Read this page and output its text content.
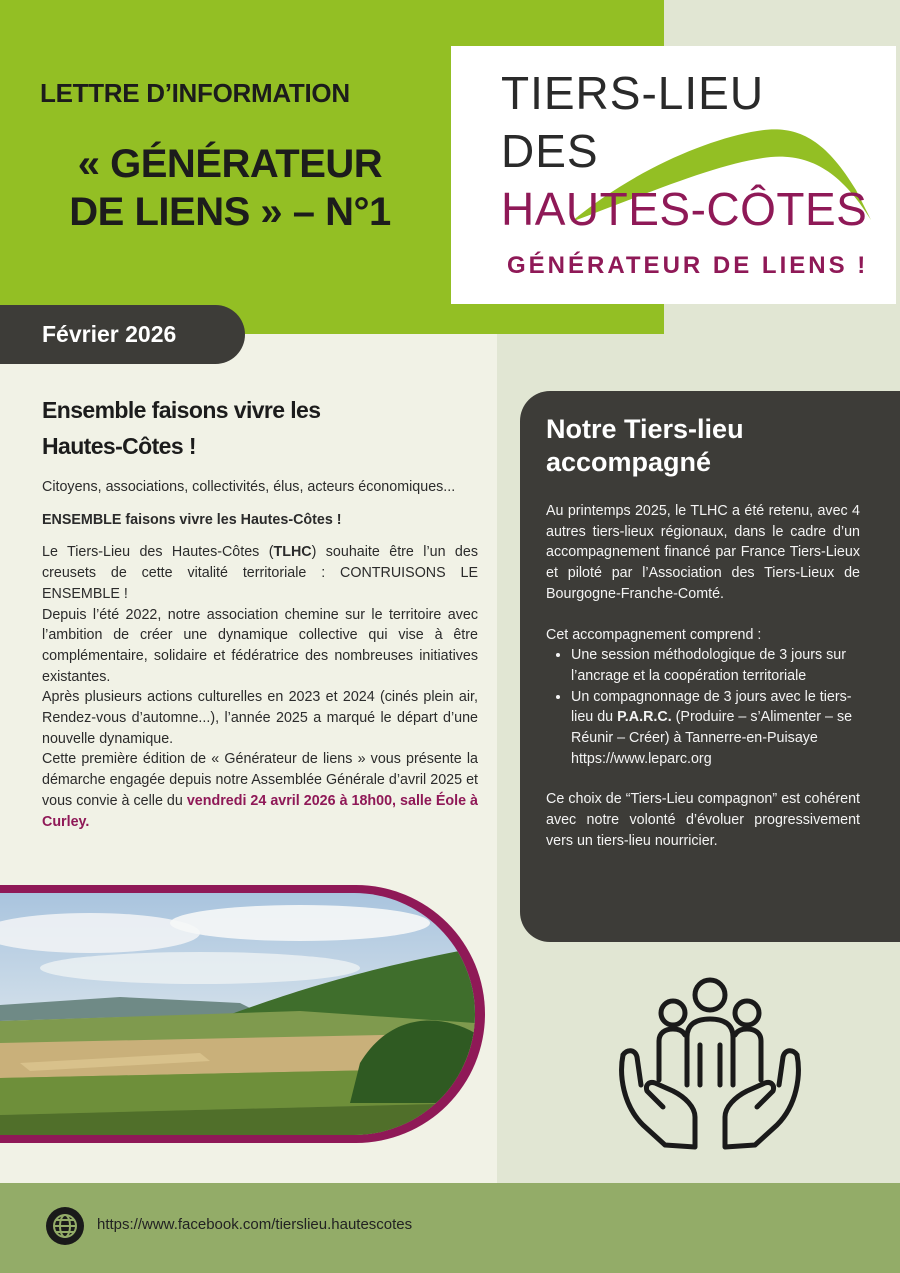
LETTRE D’INFORMATION
« GÉNÉRATEUR
DE LIENS » – N°1
TIERS-LIEU
DES
HAUTES-CÔTES
GÉNÉRATEUR DE LIENS !
Février 2026
Ensemble faisons vivre les
Hautes-Côtes !

Citoyens, associations, collectivités, élus, acteurs économiques...

ENSEMBLE faisons vivre les Hautes-Côtes !

Le Tiers-Lieu des Hautes-Côtes (TLHC) souhaite être l’un des creusets de cette vitalité territoriale : CONTRUISONS LE ENSEMBLE !

Depuis l’été 2022, notre association chemine sur le territoire avec l’ambition de créer une dynamique collective qui vise à être complémentaire, solidaire et fédératrice des nombreuses initiatives existantes.

Après plusieurs actions culturelles en 2023 et 2024 (cinés plein air, Rendez-vous d’automne...), l’année 2025 a marqué le départ d’une nouvelle dynamique.

Cette première édition de « Générateur de liens » vous présente la démarche engagée depuis notre Assemblée Générale d’avril 2025 et vous convie à celle du vendredi 24 avril 2026 à 18h00, salle Éole à Curley.

Notre Tiers-lieu accompagné

Au printemps 2025, le TLHC a été retenu, avec 4 autres tiers-lieux régionaux, dans le cadre d’un accompagnement financé par France Tiers-Lieux et piloté par l’Association des Tiers-Lieux de Bourgogne-Franche-Comté.

Cet accompagnement comprend :

• Une session méthodologique de 3 jours sur l’ancrage et la coopération territoriale
• Un compagnonnage de 3 jours avec le tiers-lieu du P.A.R.C. (Produire – s’Alimenter – se Réunir – Créer) à Tannerre-en-Puisaye
https://www.leparc.org

Ce choix de “Tiers-Lieu compagnon” est cohérent avec notre volonté d’évoluer progressivement vers un tiers-lieu nourricier.

https://www.facebook.com/tierslieu.hautescotes
